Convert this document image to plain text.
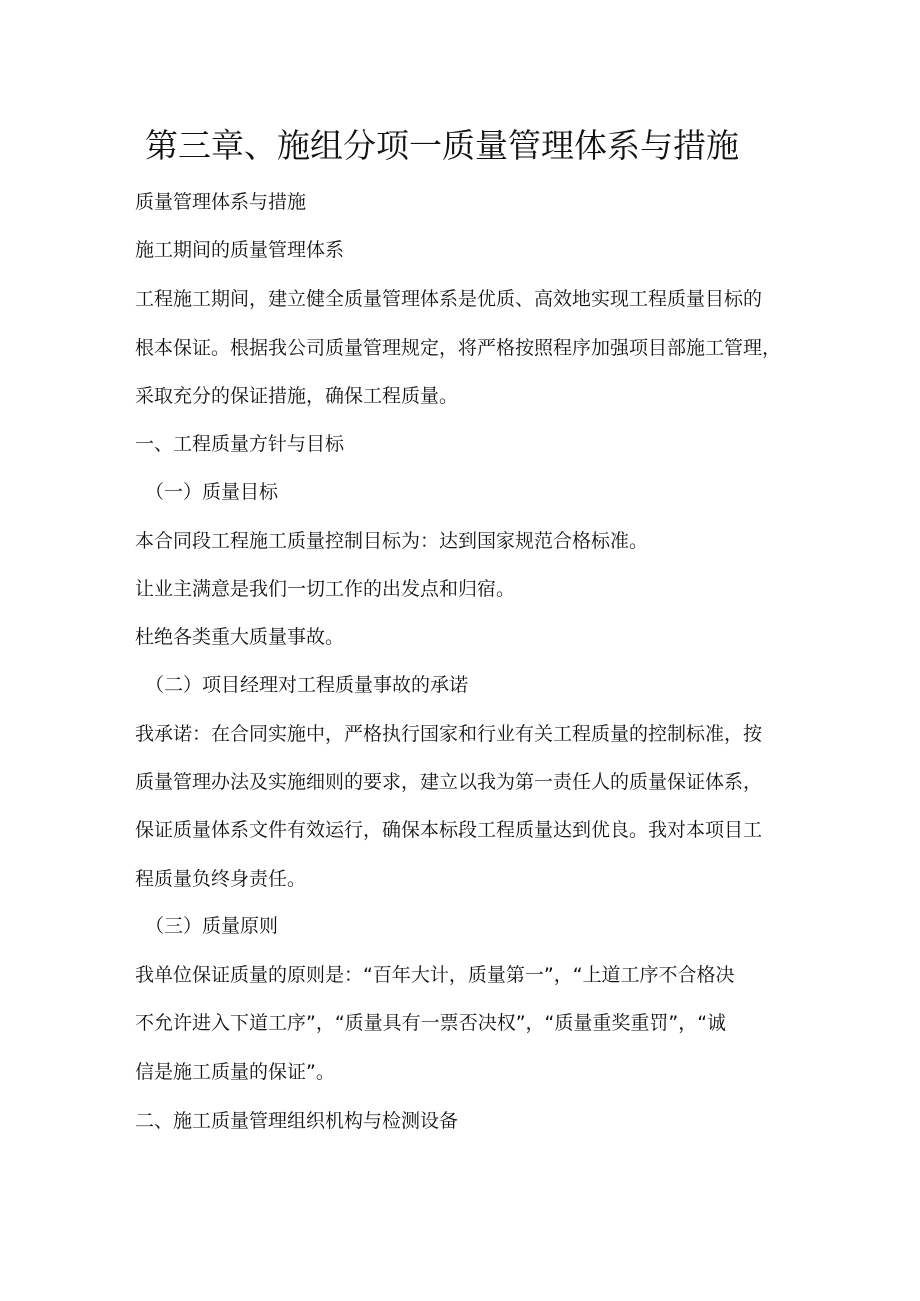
第三章、施组分项一质量管理体系与措施

质量管理体系与措施

施工期间的质量管理体系

工程施工期间，建立健全质量管理体系是优质、高效地实现工程质量目标的

根本保证。根据我公司质量管理规定，将严格按照程序加强项目部施工管理，

采取充分的保证措施，确保工程质量。

一、工程质量方针与目标

（一）质量目标

本合同段工程施工质量控制目标为：达到国家规范合格标准。

让业主满意是我们一切工作的出发点和归宿。

杜绝各类重大质量事故。

（二）项目经理对工程质量事故的承诺

我承诺：在合同实施中，严格执行国家和行业有关工程质量的控制标准，按

质量管理办法及实施细则的要求，建立以我为第一责任人的质量保证体系，

保证质量体系文件有效运行，确保本标段工程质量达到优良。我对本项目工

程质量负终身责任。

（三）质量原则

我单位保证质量的原则是：“百年大计，质量第一”，“上道工序不合格决

不允许进入下道工序”，“质量具有一票否决权”，“质量重奖重罚”，“诚

信是施工质量的保证”。

二、施工质量管理组织机构与检测设备
